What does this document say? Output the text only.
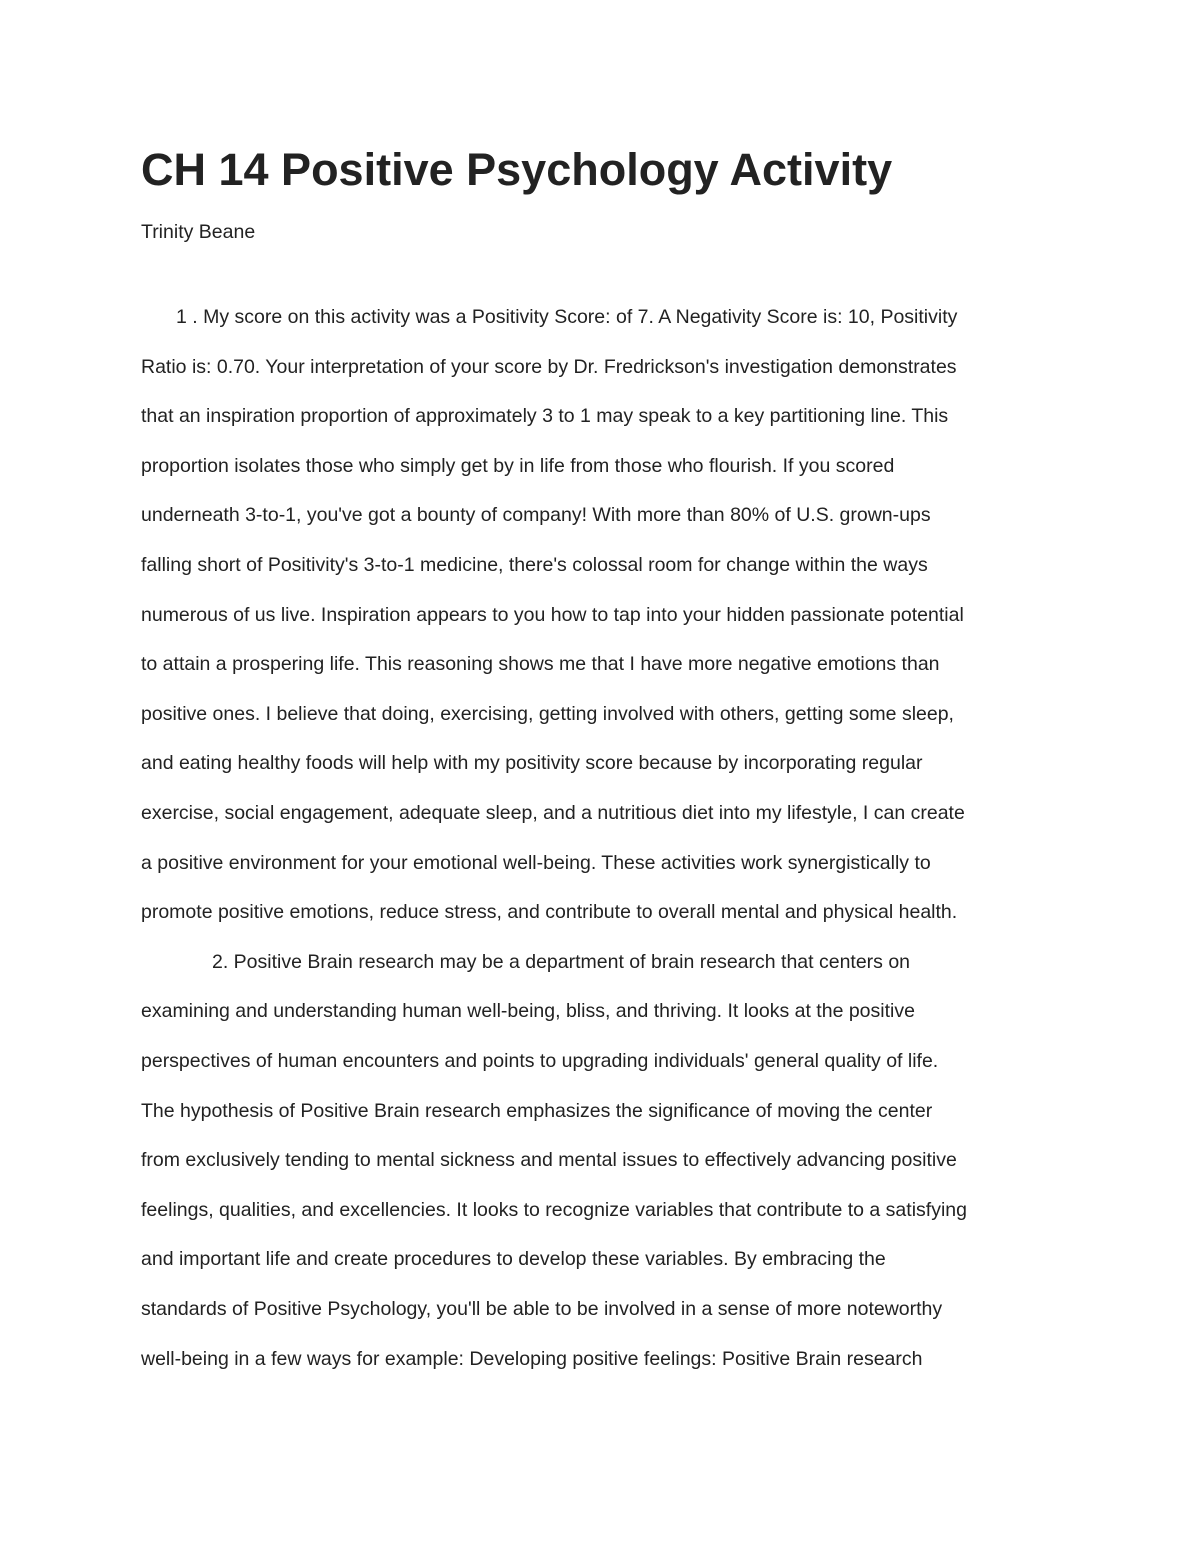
CH 14 Positive Psychology Activity

Trinity Beane

1 . My score on this activity was a Positivity Score: of 7. A Negativity Score is: 10, Positivity

Ratio is: 0.70. Your interpretation of your score by Dr. Fredrickson's investigation demonstrates

that an inspiration proportion of approximately 3 to 1 may speak to a key partitioning line. This

proportion isolates those who simply get by in life from those who flourish. If you scored

underneath 3-to-1, you've got a bounty of company! With more than 80% of U.S. grown-ups

falling short of Positivity's 3-to-1 medicine, there's colossal room for change within the ways

numerous of us live. Inspiration appears to you how to tap into your hidden passionate potential

to attain a prospering life. This reasoning shows me that I have more negative emotions than

positive ones. I believe that doing, exercising, getting involved with others, getting some sleep,

and eating healthy foods will help with my positivity score because by incorporating regular

exercise, social engagement, adequate sleep, and a nutritious diet into my lifestyle, I can create

a positive environment for your emotional well-being. These activities work synergistically to

promote positive emotions, reduce stress, and contribute to overall mental and physical health.

2. Positive Brain research may be a department of brain research that centers on

examining and understanding human well-being, bliss, and thriving. It looks at the positive

perspectives of human encounters and points to upgrading individuals' general quality of life.

The hypothesis of Positive Brain research emphasizes the significance of moving the center

from exclusively tending to mental sickness and mental issues to effectively advancing positive

feelings, qualities, and excellencies. It looks to recognize variables that contribute to a satisfying

and important life and create procedures to develop these variables. By embracing the

standards of Positive Psychology, you'll be able to be involved in a sense of more noteworthy

well-being in a few ways for example: Developing positive feelings: Positive Brain research
